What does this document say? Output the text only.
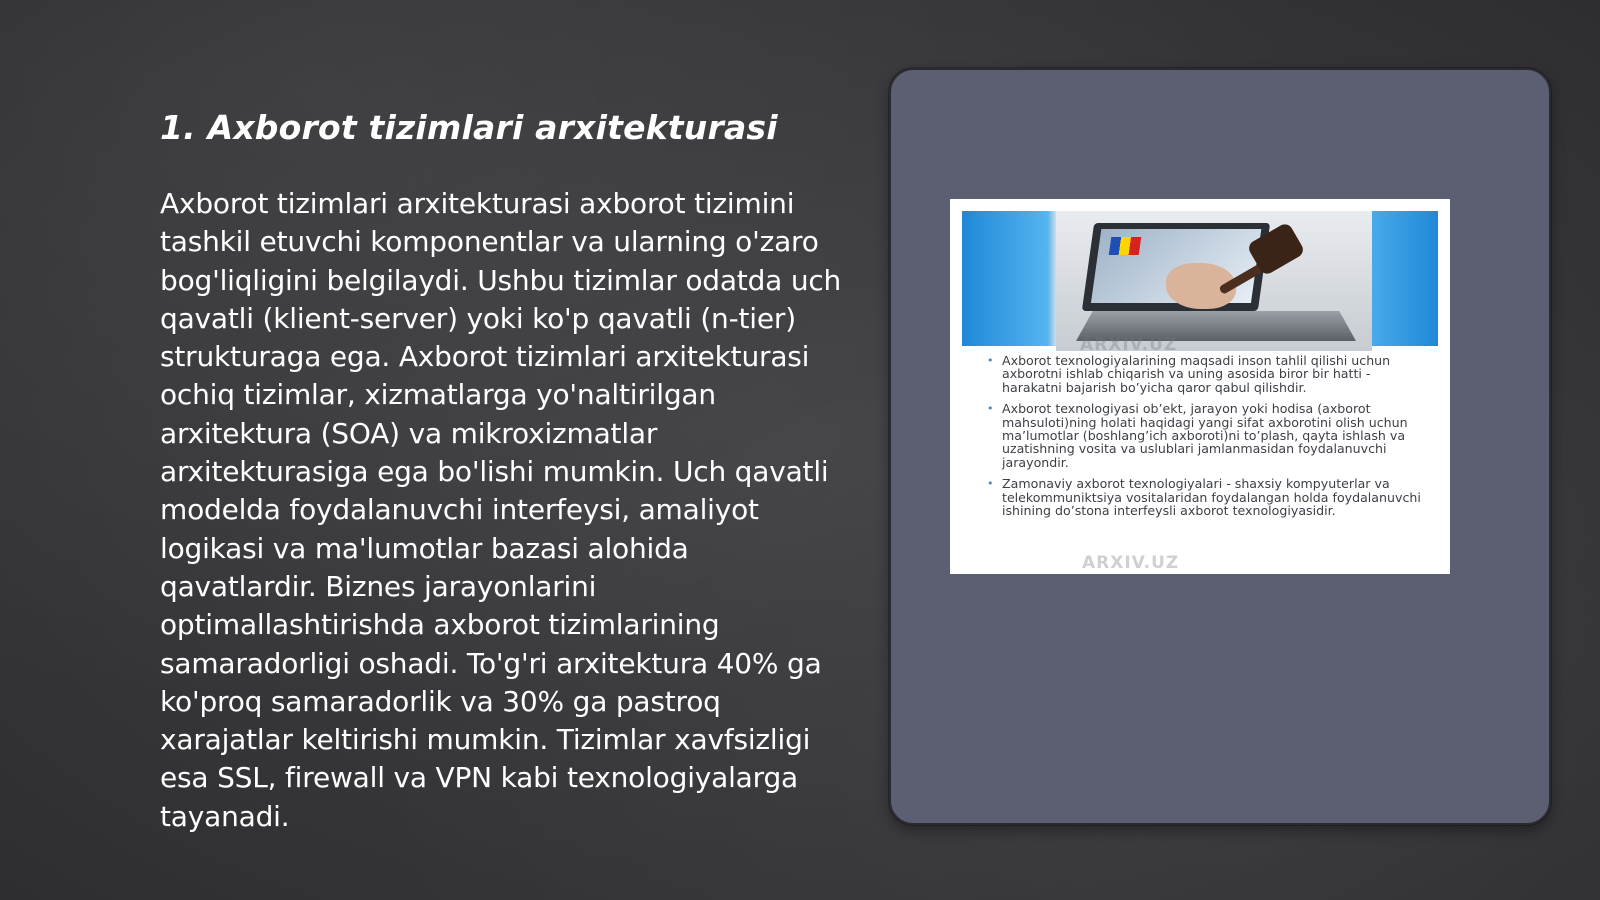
1. Axborot tizimlari arxitekturasi
Axborot tizimlari arxitekturasi axborot tizimini tashkil etuvchi komponentlar va ularning o'zaro bog'liqligini belgilaydi. Ushbu tizimlar odatda uch qavatli (klient-server) yoki ko'p qavatli (n-tier) strukturaga ega. Axborot tizimlari arxitekturasi ochiq tizimlar, xizmatlarga yo'naltirilgan arxitektura (SOA) va mikroxizmatlar arxitekturasiga ega bo'lishi mumkin. Uch qavatli modelda foydalanuvchi interfeysi, amaliyot logikasi va ma'lumotlar bazasi alohida qavatlardir. Biznes jarayonlarini optimallashtirishda axborot tizimlarining samaradorligi oshadi. To'g'ri arxitektura 40% ga ko'proq samaradorlik va 30% ga pastroq xarajatlar keltirishi mumkin. Tizimlar xavfsizligi esa SSL, firewall va VPN kabi texnologiyalarga tayanadi.
ARXIV.UZ
• Axborot texnologiyalarining maqsadi inson tahlil qilishi uchun axborotni ishlab chiqarish va uning asosida biror bir hatti - harakatni bajarish bo’yicha qaror qabul qilishdir.
• Axborot texnologiyasi ob’ekt, jarayon yoki hodisa (axborot mahsuloti)ning holati haqidagi yangi sifat axborotini olish uchun ma’lumotlar (boshlang’ich axboroti)ni to’plash, qayta ishlash va uzatishning vosita va uslublari jamlanmasidan foydalanuvchi jarayondir.
• Zamonaviy axborot texnologiyalari - shaxsiy kompyuterlar va telekommuniktsiya vositalaridan foydalangan holda foydalanuvchi ishining do’stona interfeysli axborot texnologiyasidir.
ARXIV.UZ
